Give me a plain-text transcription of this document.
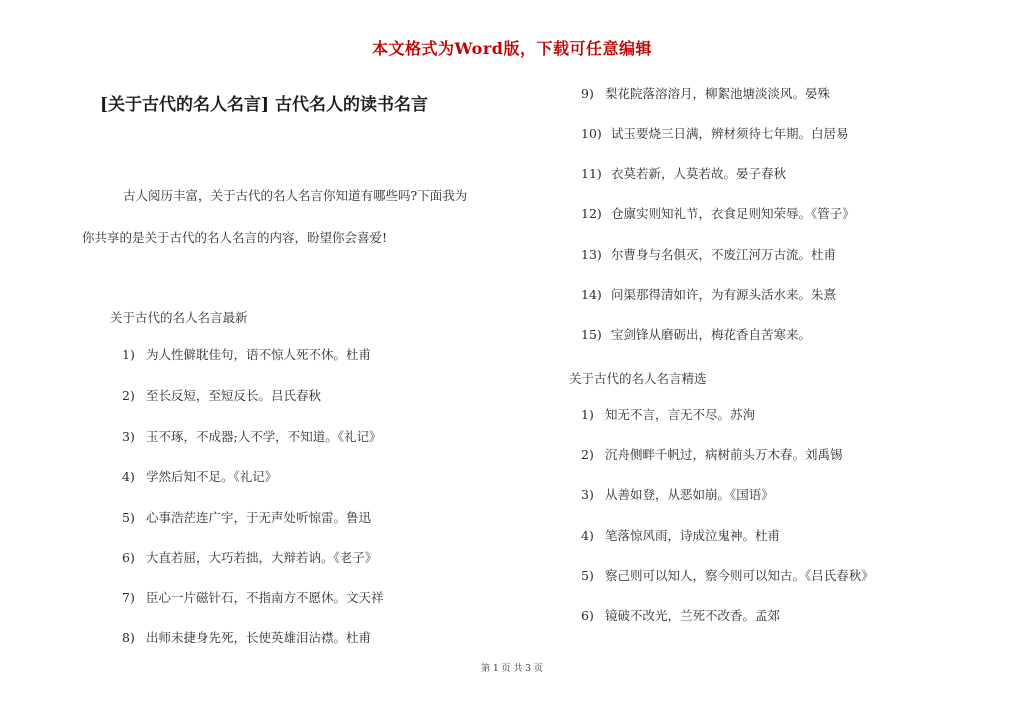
本文格式为Word版，下载可任意编辑
[关于古代的名人名言] 古代名人的读书名言
古人阅历丰富，关于古代的名人名言你知道有哪些吗?下面我为
你共享的是关于古代的名人名言的内容，盼望你会喜爱!
关于古代的名人名言最新
1) 为人性僻耽佳句，语不惊人死不休。杜甫
2) 至长反短，至短反长。吕氏春秋
3) 玉不琢，不成器;人不学，不知道。《礼记》
4) 学然后知不足。《礼记》
5) 心事浩茫连广宇，于无声处听惊雷。鲁迅
6) 大直若屈，大巧若拙，大辩若讷。《老子》
7) 臣心一片磁针石，不指南方不愿休。文天祥
8) 出师未捷身先死，长使英雄泪沾襟。杜甫
9) 梨花院落溶溶月，柳絮池塘淡淡风。晏殊
10) 试玉要烧三日满，辨材须待七年期。白居易
11) 衣莫若新，人莫若故。晏子春秋
12) 仓廪实则知礼节，衣食足则知荣辱。《管子》
13) 尔曹身与名俱灭，不废江河万古流。杜甫
14) 问渠那得清如许，为有源头活水来。朱熹
15) 宝剑锋从磨砺出，梅花香自苦寒来。
关于古代的名人名言精选
1) 知无不言，言无不尽。苏洵
2) 沉舟侧畔千帆过，病树前头万木春。刘禹锡
3) 从善如登，从恶如崩。《国语》
4) 笔落惊风雨，诗成泣鬼神。杜甫
5) 察己则可以知人，察今则可以知古。《吕氏春秋》
6) 镜破不改光，兰死不改香。孟郊
第 1 页 共 3 页
